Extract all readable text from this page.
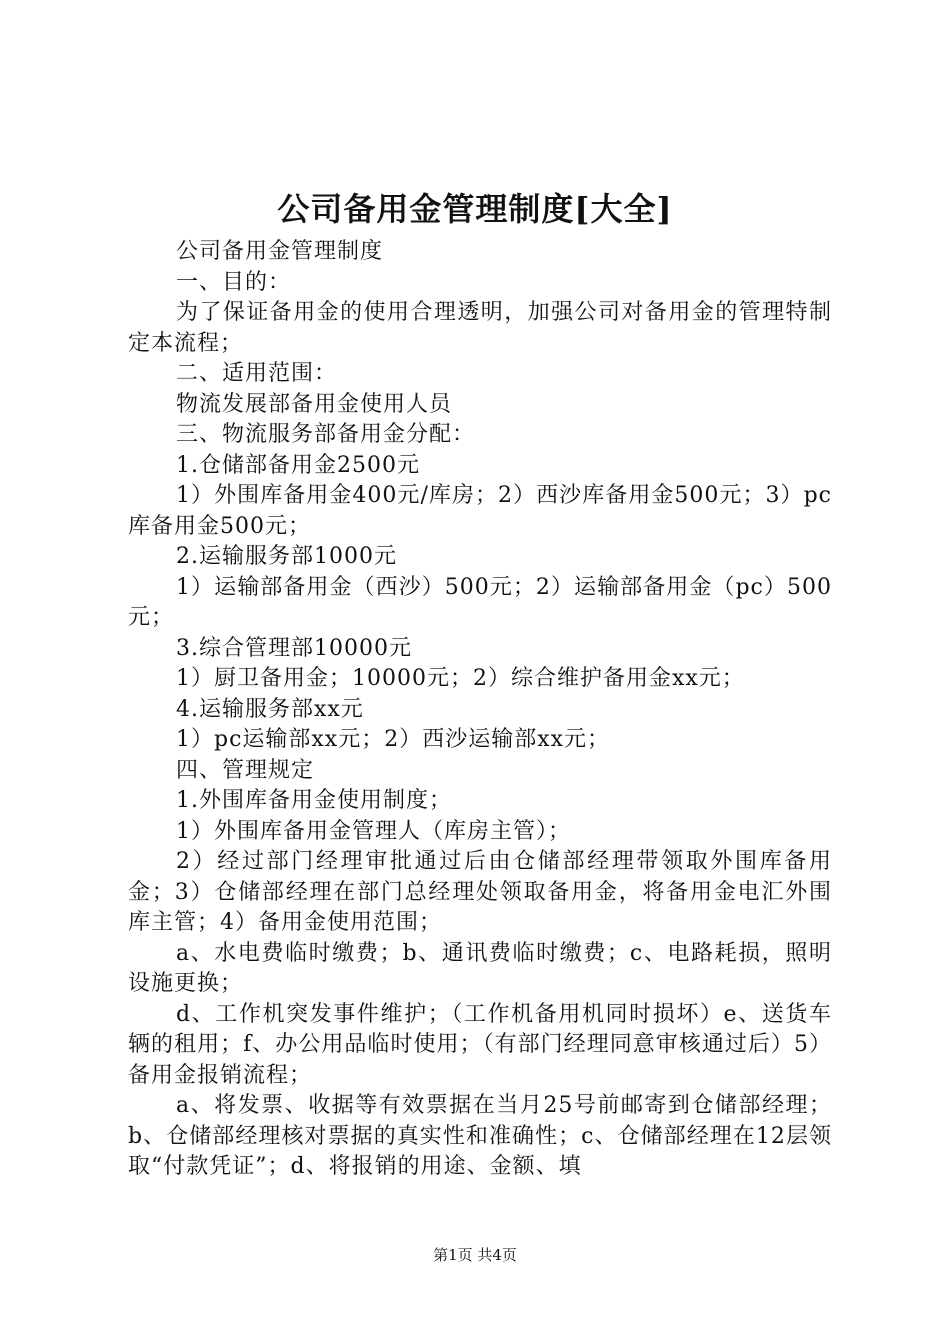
公司备用金管理制度[大全]

公司备用金管理制度

一、目的：

为了保证备用金的使用合理透明，加强公司对备用金的管理特制定本流程；

二、适用范围：

物流发展部备用金使用人员

三、物流服务部备用金分配：

1.仓储部备用金2500元

1）外围库备用金400元/库房；2）西沙库备用金500元；3）pc库备用金500元；

2.运输服务部1000元

1）运输部备用金（西沙）500元；2）运输部备用金（pc）500元；

3.综合管理部10000元

1）厨卫备用金；10000元；2）综合维护备用金xx元；

4.运输服务部xx元

1）pc运输部xx元；2）西沙运输部xx元；

四、管理规定

1.外围库备用金使用制度；

1）外围库备用金管理人（库房主管）；

2）经过部门经理审批通过后由仓储部经理带领取外围库备用金；3）仓储部经理在部门总经理处领取备用金，将备用金电汇外围库主管；4）备用金使用范围；

a、水电费临时缴费；b、通讯费临时缴费；c、电路耗损，照明设施更换；

d、工作机突发事件维护；（工作机备用机同时损坏）e、送货车辆的租用；f、办公用品临时使用；（有部门经理同意审核通过后）5）备用金报销流程；

a、将发票、收据等有效票据在当月25号前邮寄到仓储部经理；b、仓储部经理核对票据的真实性和准确性；c、仓储部经理在12层领取“付款凭证”；d、将报销的用途、金额、填

第1页 共4页
